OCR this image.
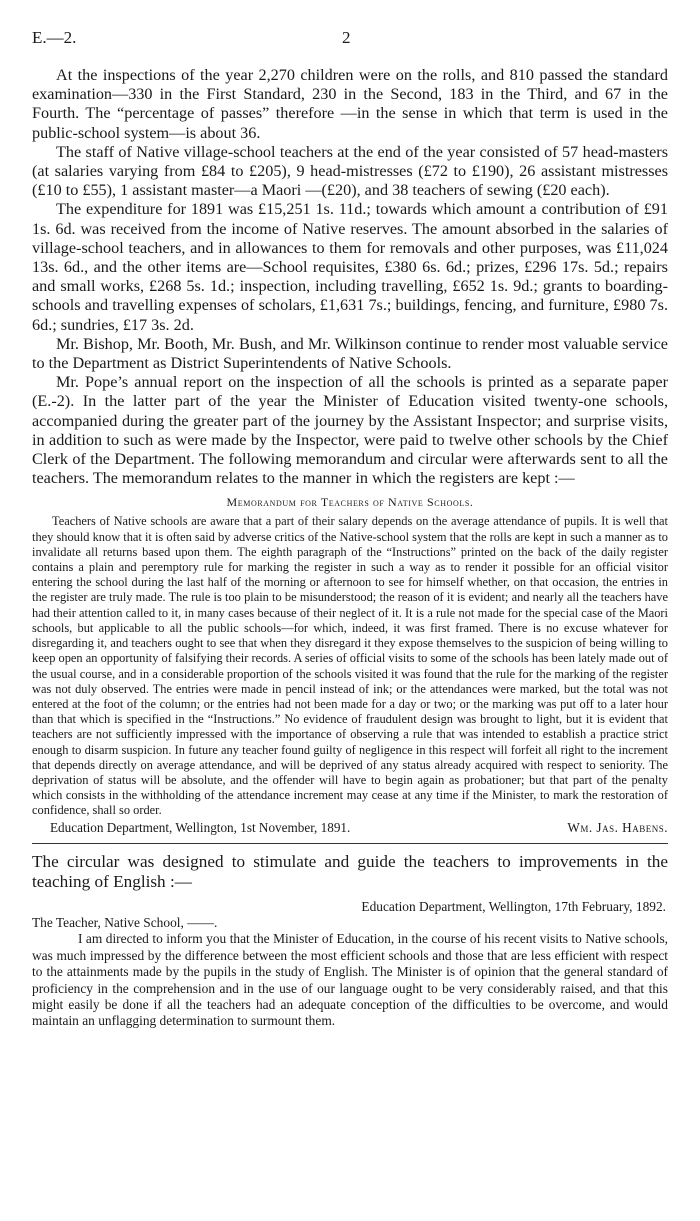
E.—2.	2

At the inspections of the year 2,270 children were on the rolls, and 810 passed the standard examination—330 in the First Standard, 230 in the Second, 183 in the Third, and 67 in the Fourth. The “percentage of passes” therefore —in the sense in which that term is used in the public-school system—is about 36.

The staff of Native village-school teachers at the end of the year consisted of 57 head-masters (at salaries varying from £84 to £205), 9 head-mistresses (£72 to £190), 26 assistant mistresses (£10 to £55), 1 assistant master—a Maori —(£20), and 38 teachers of sewing (£20 each).

The expenditure for 1891 was £15,251 1s. 11d.; towards which amount a contribution of £91 1s. 6d. was received from the income of Native reserves. The amount absorbed in the salaries of village-school teachers, and in allowances to them for removals and other purposes, was £11,024 13s. 6d., and the other items are—School requisites, £380 6s. 6d.; prizes, £296 17s. 5d.; repairs and small works, £268 5s. 1d.; inspection, including travelling, £652 1s. 9d.; grants to boarding-schools and travelling expenses of scholars, £1,631 7s.; buildings, fencing, and furniture, £980 7s. 6d.; sundries, £17 3s. 2d.

Mr. Bishop, Mr. Booth, Mr. Bush, and Mr. Wilkinson continue to render most valuable service to the Department as District Superintendents of Native Schools.

Mr. Pope’s annual report on the inspection of all the schools is printed as a separate paper (E.-2). In the latter part of the year the Minister of Education visited twenty-one schools, accompanied during the greater part of the journey by the Assistant Inspector; and surprise visits, in addition to such as were made by the Inspector, were paid to twelve other schools by the Chief Clerk of the Department. The following memorandum and circular were afterwards sent to all the teachers. The memorandum relates to the manner in which the registers are kept :—

Memorandum for Teachers of Native Schools.

Teachers of Native schools are aware that a part of their salary depends on the average attendance of pupils. It is well that they should know that it is often said by adverse critics of the Native-school system that the rolls are kept in such a manner as to invalidate all returns based upon them. The eighth paragraph of the “Instructions” printed on the back of the daily register contains a plain and peremptory rule for marking the register in such a way as to render it possible for an official visitor entering the school during the last half of the morning or afternoon to see for himself whether, on that occasion, the entries in the register are truly made. The rule is too plain to be misunderstood; the reason of it is evident; and nearly all the teachers have had their attention called to it, in many cases because of their neglect of it. It is a rule not made for the special case of the Maori schools, but applicable to all the public schools—for which, indeed, it was first framed. There is no excuse whatever for disregarding it, and teachers ought to see that when they disregard it they expose themselves to the suspicion of being willing to keep open an opportunity of falsifying their records. A series of official visits to some of the schools has been lately made out of the usual course, and in a considerable proportion of the schools visited it was found that the rule for the marking of the register was not duly observed. The entries were made in pencil instead of ink; or the attendances were marked, but the total was not entered at the foot of the column; or the entries had not been made for a day or two; or the marking was put off to a later hour than that which is specified in the “Instructions.” No evidence of fraudulent design was brought to light, but it is evident that teachers are not sufficiently impressed with the importance of observing a rule that was intended to establish a practice strict enough to disarm suspicion. In future any teacher found guilty of negligence in this respect will forfeit all right to the increment that depends directly on average attendance, and will be deprived of any status already acquired with respect to seniority. The deprivation of status will be absolute, and the offender will have to begin again as probationer; but that part of the penalty which consists in the withholding of the attendance increment may cease at any time if the Minister, to mark the restoration of confidence, shall so order.

Education Department, Wellington, 1st November, 1891.	Wm. Jas. Habens.

The circular was designed to stimulate and guide the teachers to improvements in the teaching of English :—

Education Department, Wellington, 17th February, 1892.
The Teacher, Native School, ——.

I am directed to inform you that the Minister of Education, in the course of his recent visits to Native schools, was much impressed by the difference between the most efficient schools and those that are less efficient with respect to the attainments made by the pupils in the study of English. The Minister is of opinion that the general standard of proficiency in the comprehension and in the use of our language ought to be very considerably raised, and that this might easily be done if all the teachers had an adequate conception of the difficulties to be overcome, and would maintain an unflagging determination to surmount them.
